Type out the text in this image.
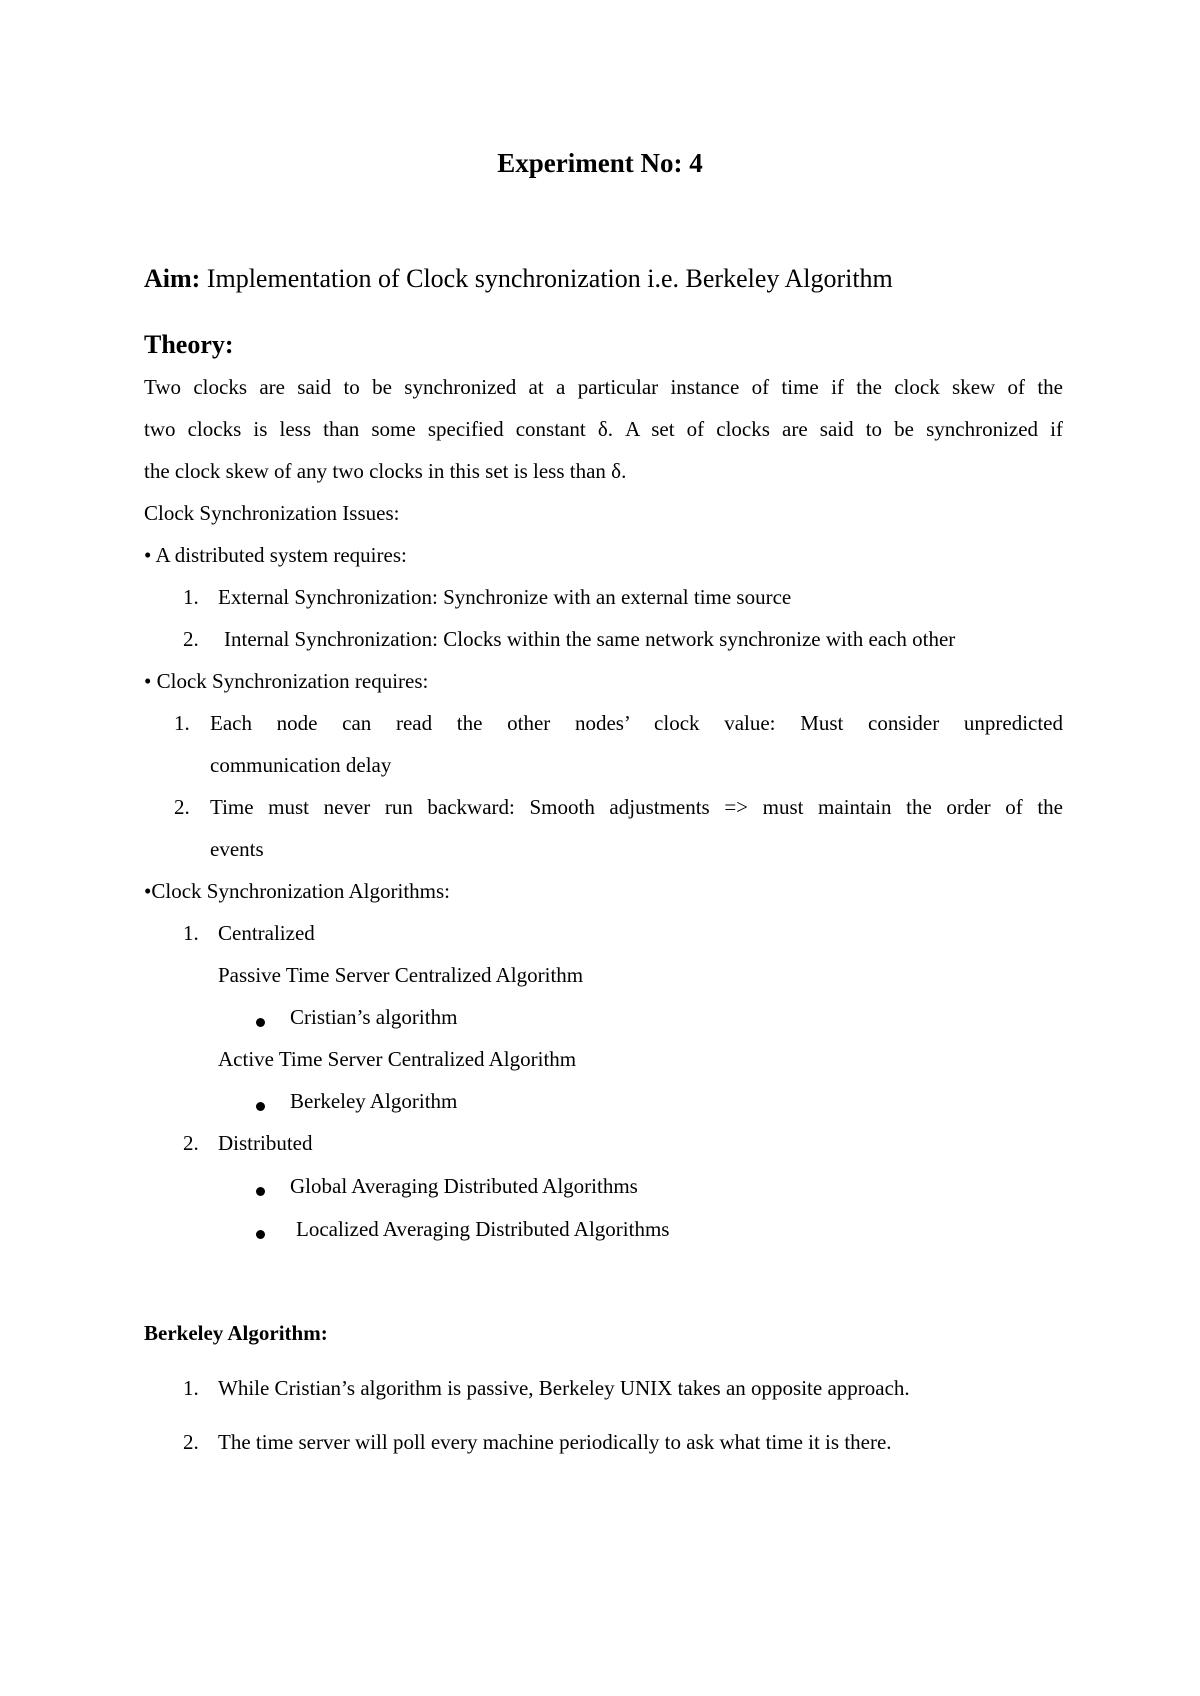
Experiment No: 4
Aim: Implementation of Clock synchronization i.e. Berkeley Algorithm
Theory:
Two clocks are said to be synchronized at a particular instance of time if the clock skew of the
two clocks is less than some specified constant δ. A set of clocks are said to be synchronized if
the clock skew of any two clocks in this set is less than δ.
Clock Synchronization Issues:
• A distributed system requires:
1. External Synchronization: Synchronize with an external time source
2. Internal Synchronization: Clocks within the same network synchronize with each other
• Clock Synchronization requires:
1. Each node can read the other nodes’ clock value: Must consider unpredicted
communication delay
2. Time must never run backward: Smooth adjustments => must maintain the order of the
events
•Clock Synchronization Algorithms:
1. Centralized
Passive Time Server Centralized Algorithm
Cristian’s algorithm
Active Time Server Centralized Algorithm
Berkeley Algorithm
2. Distributed
Global Averaging Distributed Algorithms
Localized Averaging Distributed Algorithms
Berkeley Algorithm:
1. While Cristian’s algorithm is passive, Berkeley UNIX takes an opposite approach.
2. The time server will poll every machine periodically to ask what time it is there.
